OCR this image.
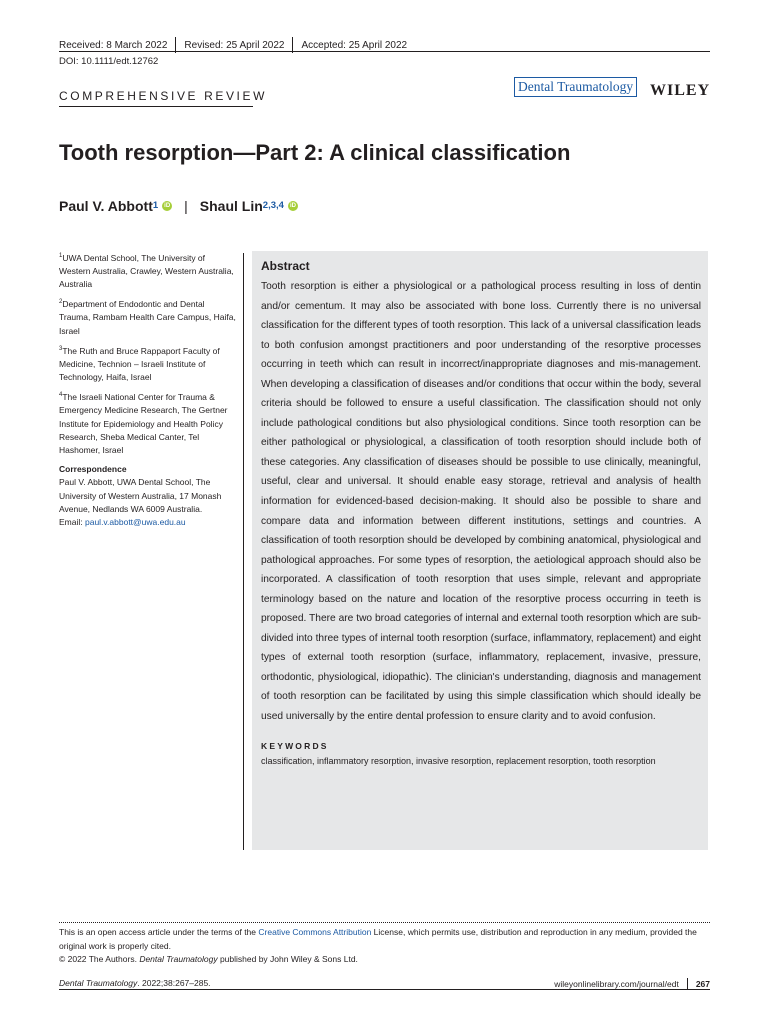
Received: 8 March 2022 Revised: 25 April 2022 Accepted: 25 April 2022
DOI: 10.1111/edt.12762
COMPREHENSIVE REVIEW
Dental Traumatology WILEY
Tooth resorption—Part 2: A clinical classification
Paul V. Abbott$^1$	iD | Shaul Lin$^{2,3,4}$	iD
$^1$UWA Dental School, The University of Western Australia, Crawley, Western Australia, Australia
$^2$Department of Endodontic and Dental Trauma, Rambam Health Care Campus, Haifa, Israel
$^3$The Ruth and Bruce Rappaport Faculty of Medicine, Technion – Israeli Institute of Technology, Haifa, Israel
$^4$The Israeli National Center for Trauma & Emergency Medicine Research, The Gertner Institute for Epidemiology and Health Policy Research, Sheba Medical Canter, Tel Hashomer, Israel
Correspondence
Paul V. Abbott, UWA Dental School, The University of Western Australia, 17 Monash Avenue, Nedlands WA 6009 Australia.
Email: paul.v.abbott@uwa.edu.au
Abstract
Tooth resorption is either a physiological or a pathological process resulting in loss of dentin and/or cementum. It may also be associated with bone loss. Currently there is no universal classification for the different types of tooth resorption. This lack of a universal classification leads to both confusion amongst practitioners and poor understanding of the resorptive processes occurring in teeth which can result in incorrect/inappropriate diagnoses and mis-management. When developing a classification of diseases and/or conditions that occur within the body, several criteria should be followed to ensure a useful classification. The classification should not only include pathological conditions but also physiological conditions. Since tooth resorption can be either pathological or physiological, a classification of tooth resorption should include both of these categories. Any classification of diseases should be possible to use clinically, meaningful, useful, clear and universal. It should enable easy storage, retrieval and analysis of health information for evidenced-based decision-making. It should also be possible to share and compare data and information between different institutions, settings and countries. A classification of tooth resorption should be developed by combining anatomical, physiological and pathological approaches. For some types of resorption, the aetiological approach should also be incorporated. A classification of tooth resorption that uses simple, relevant and appropriate terminology based on the nature and location of the resorptive process occurring in teeth is proposed. There are two broad categories of internal and external tooth resorption which are sub-divided into three types of internal tooth resorption (surface, inflammatory, replacement) and eight types of external tooth resorption (surface, inflammatory, replacement, invasive, pressure, orthodontic, physiological, idiopathic). The clinician's understanding, diagnosis and management of tooth resorption can be facilitated by using this simple classification which should ideally be used universally by the entire dental profession to ensure clarity and to avoid confusion.
KEYWORDS
classification, inflammatory resorption, invasive resorption, replacement resorption, tooth resorption
This is an open access article under the terms of the Creative Commons Attribution License, which permits use, distribution and reproduction in any medium, provided the original work is properly cited.
© 2022 The Authors. Dental Traumatology published by John Wiley & Sons Ltd.
Dental Traumatology. 2022;38:267–285.	wileyonlinelibrary.com/journal/edt 267
